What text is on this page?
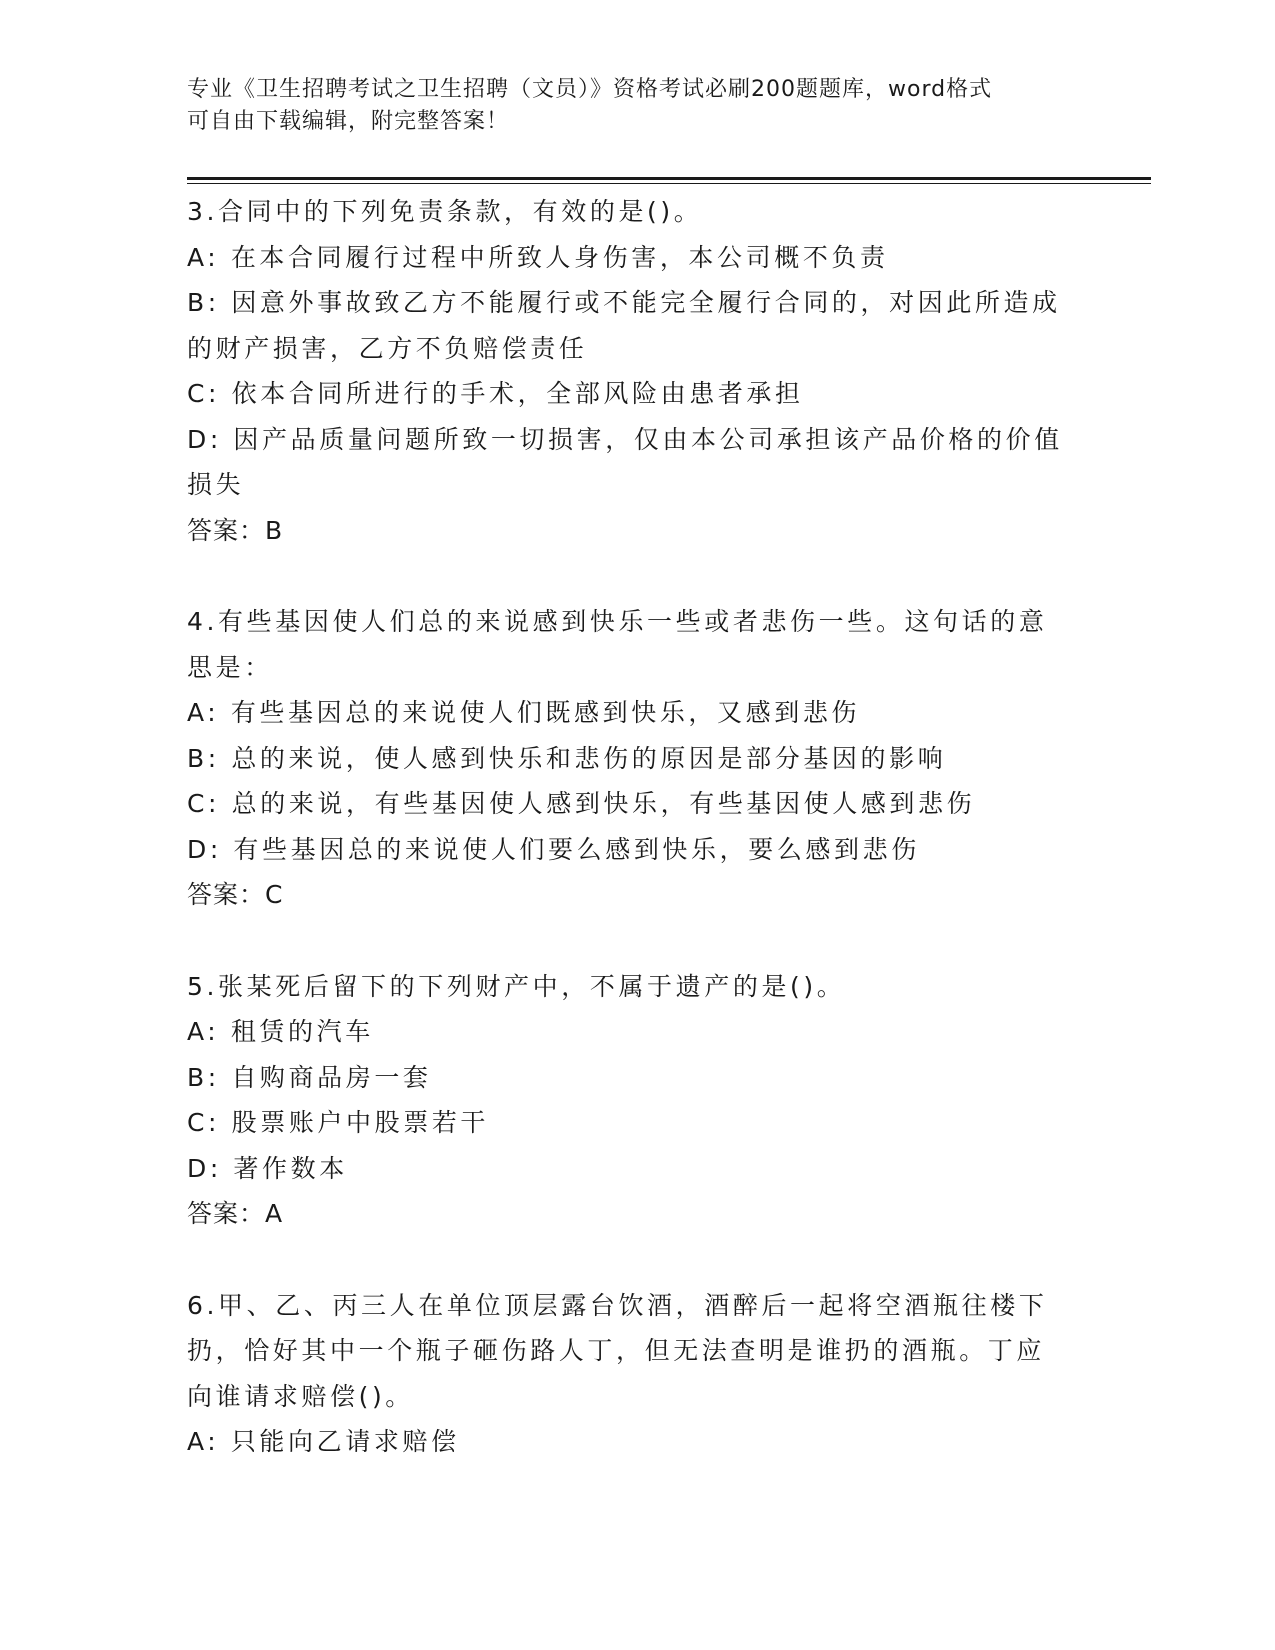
专业《卫生招聘考试之卫生招聘（文员）》资格考试必刷200题题库，word格式
可自由下载编辑，附完整答案！
3.合同中的下列免责条款，有效的是()。
A: 在本合同履行过程中所致人身伤害，本公司概不负责
B: 因意外事故致乙方不能履行或不能完全履行合同的，对因此所造成
的财产损害，乙方不负赔偿责任
C: 依本合同所进行的手术，全部风险由患者承担
D: 因产品质量问题所致一切损害，仅由本公司承担该产品价格的价值
损失
答案：B
4.有些基因使人们总的来说感到快乐一些或者悲伤一些。这句话的意
思是：
A: 有些基因总的来说使人们既感到快乐，又感到悲伤
B: 总的来说，使人感到快乐和悲伤的原因是部分基因的影响
C: 总的来说，有些基因使人感到快乐，有些基因使人感到悲伤
D: 有些基因总的来说使人们要么感到快乐，要么感到悲伤
答案：C
5.张某死后留下的下列财产中，不属于遗产的是()。
A: 租赁的汽车
B: 自购商品房一套
C: 股票账户中股票若干
D: 著作数本
答案：A
6.甲、乙、丙三人在单位顶层露台饮酒，酒醉后一起将空酒瓶往楼下
扔，恰好其中一个瓶子砸伤路人丁，但无法查明是谁扔的酒瓶。丁应
向谁请求赔偿()。
A: 只能向乙请求赔偿
